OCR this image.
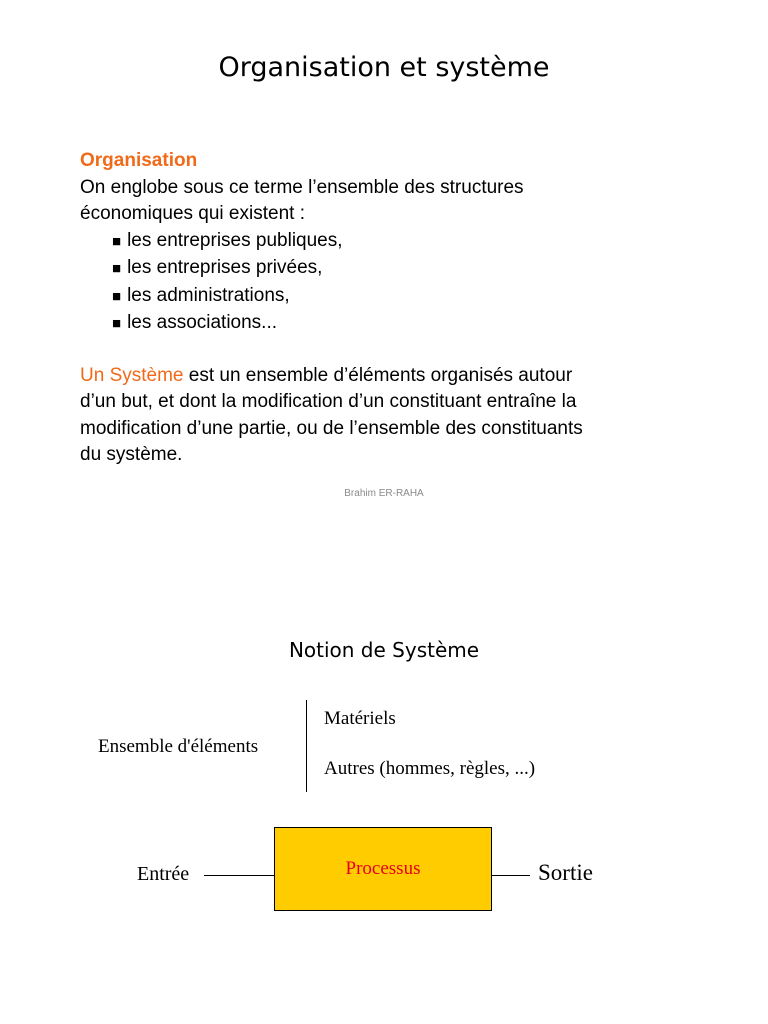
Organisation et système

Organisation

On englobe sous ce terme l’ensemble des structures

économiques qui existent :

■ les entreprises publiques,
■ les entreprises privées,
■ les administrations,
■ les associations...

Un Système est un ensemble d’éléments organisés autour

d’un but, et dont la modification d’un constituant entraîne la

modification d’une partie, ou de l’ensemble des constituants

du système.

Brahim ER-RAHA
Notion de Système
Ensemble d'éléments
Matériels
Autres (hommes, règles, ...)
Entrée	Processus	Sortie
